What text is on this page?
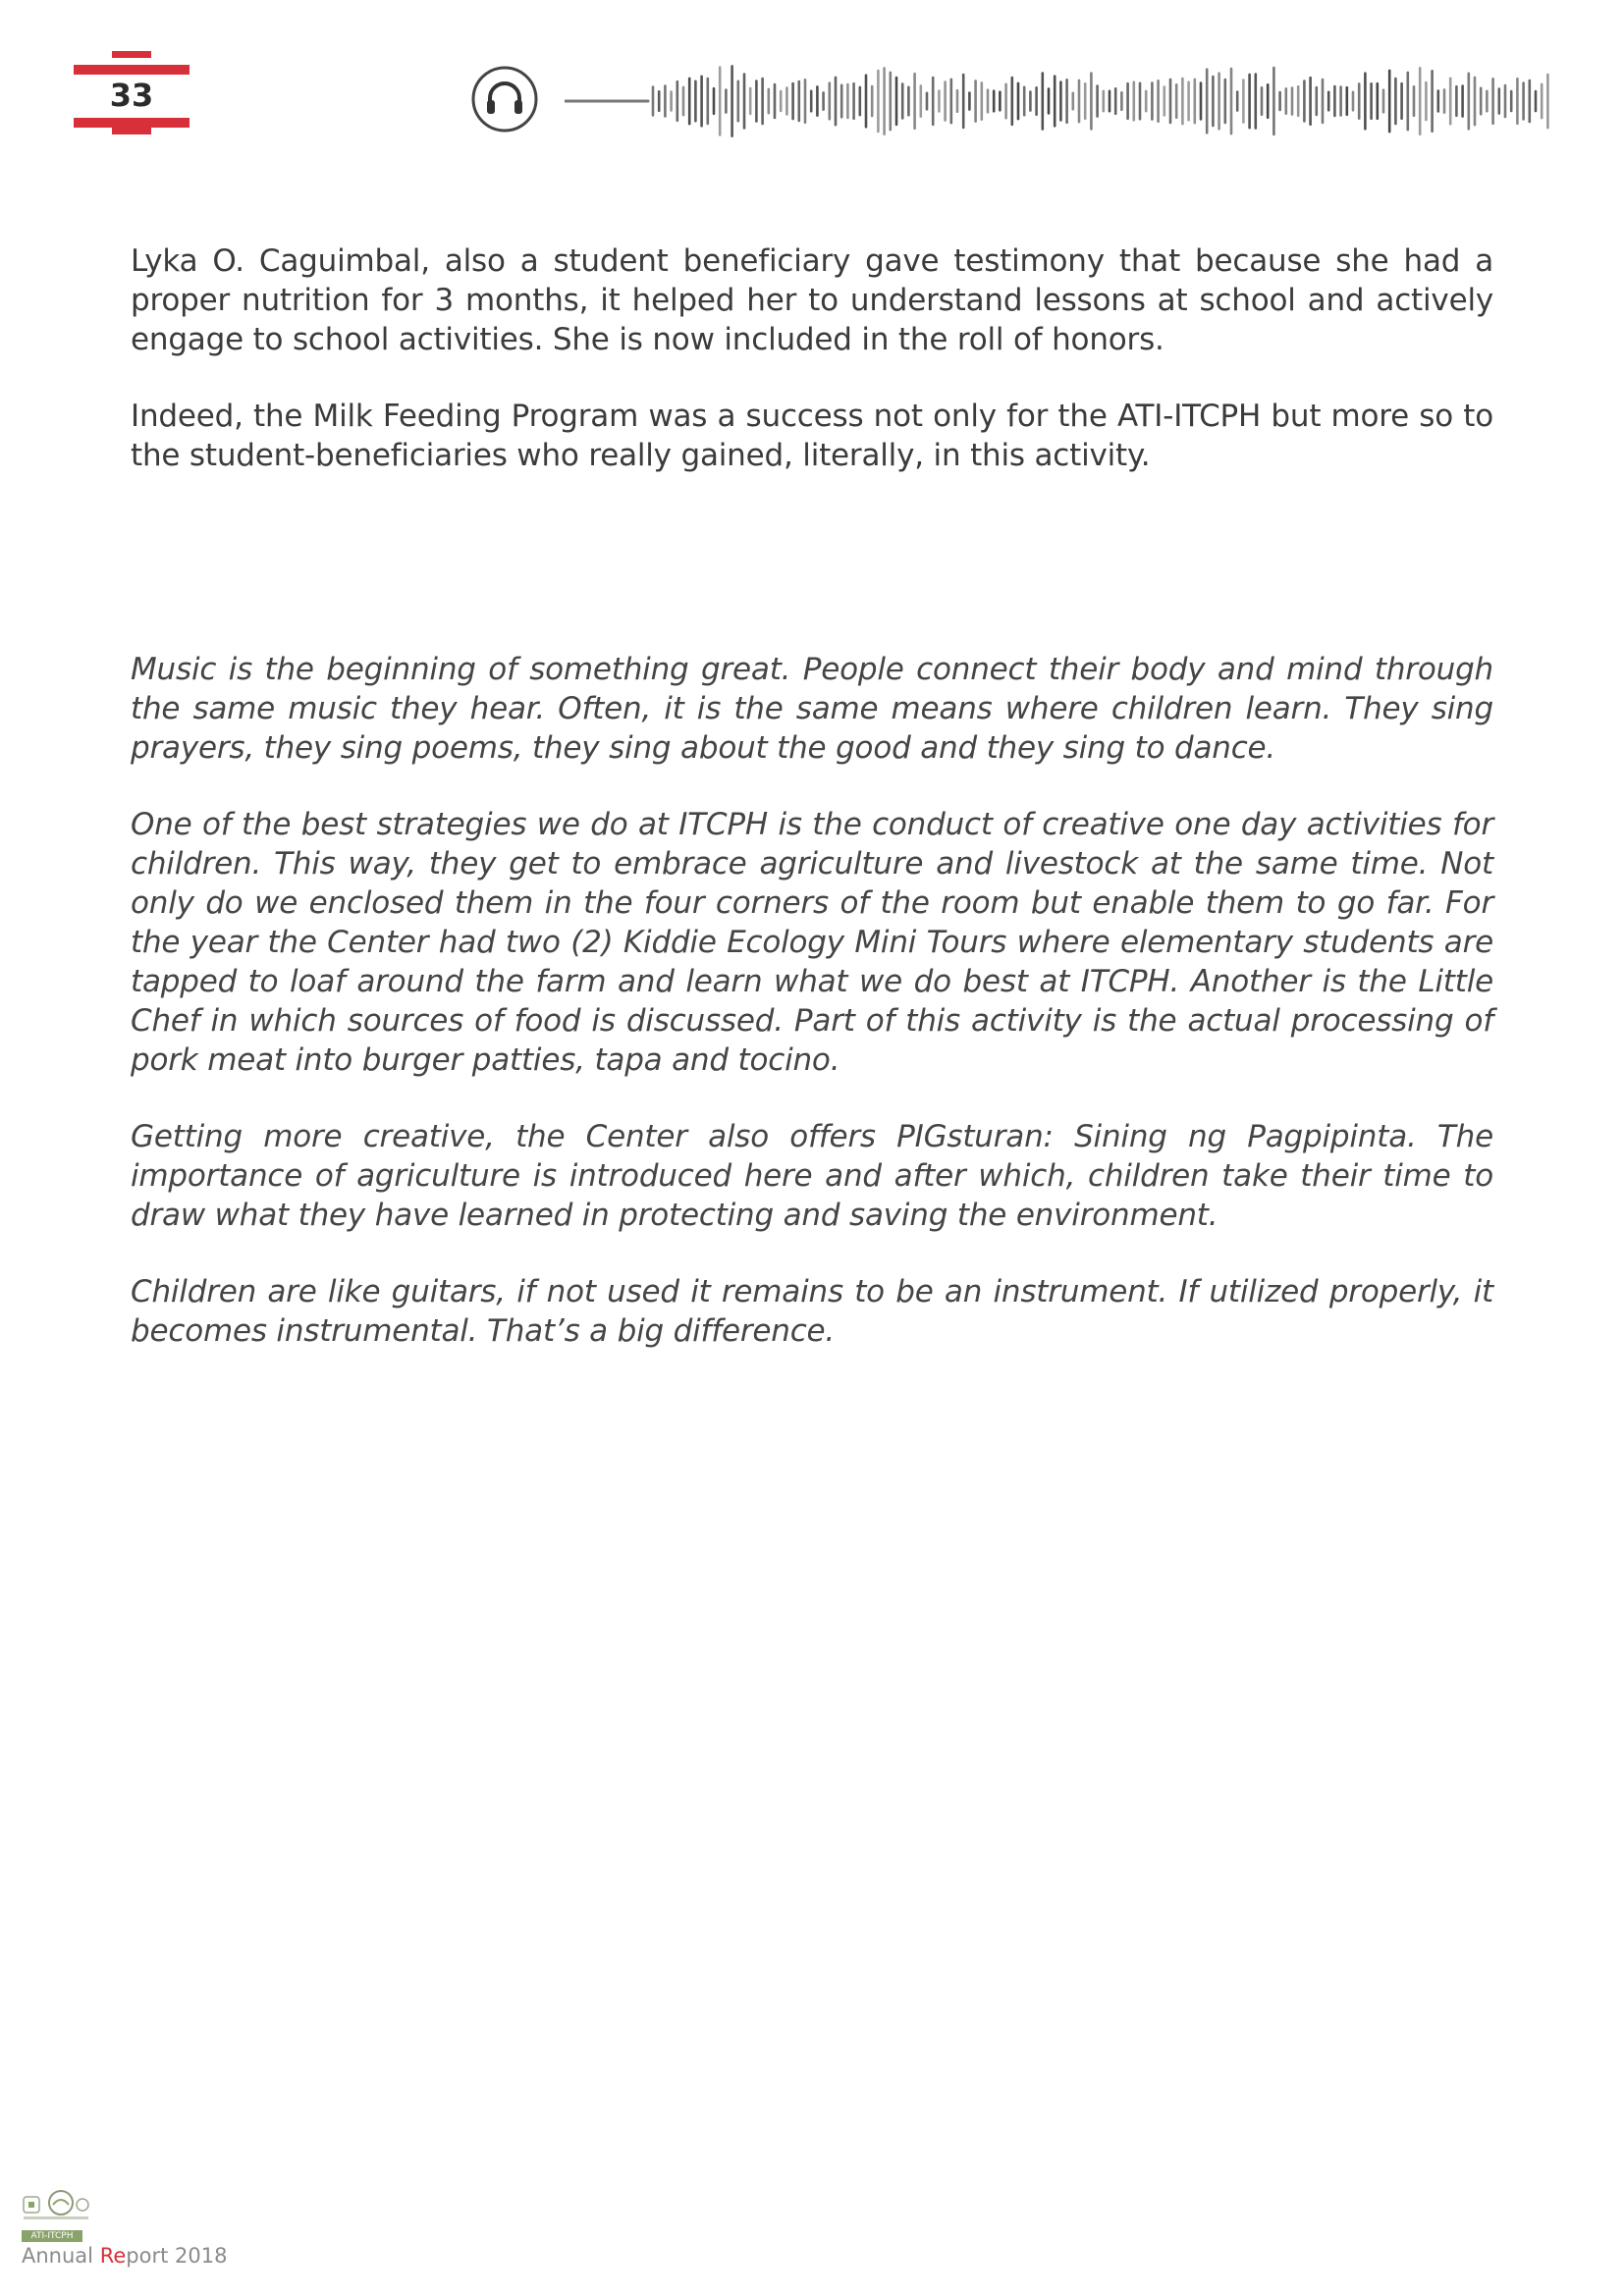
33

Lyka O. Caguimbal, also a student beneficiary gave testimony that because she had a proper nutrition for 3 months, it helped her to understand lessons at school and actively engage to school activities. She is now included in the roll of honors.

Indeed, the Milk Feeding Program was a success not only for the ATI-ITCPH but more so to the student-beneficiaries who really gained, literally, in this activity.

Music is the beginning of something great. People connect their body and mind through the same music they hear. Often, it is the same means where children learn. They sing prayers, they sing poems, they sing about the good and they sing to dance.

One of the best strategies we do at ITCPH is the conduct of creative one day activities for children. This way, they get to embrace agriculture and livestock at the same time. Not only do we enclosed them in the four corners of the room but enable them to go far. For the year the Center had two (2) Kiddie Ecology Mini Tours where elementary students are tapped to loaf around the farm and learn what we do best at ITCPH. Another is the Little Chef in which sources of food is discussed. Part of this activity is the actual processing of pork meat into burger patties, tapa and tocino.

Getting more creative, the Center also offers PIGsturan: Sining ng Pagpipinta. The importance of agriculture is introduced here and after which, children take their time to draw what they have learned in protecting and saving the environment.

Children are like guitars, if not used it remains to be an instrument. If utilized properly, it becomes instrumental. That’s a big difference.

ATI-ITCPH
Annual Report 2018
